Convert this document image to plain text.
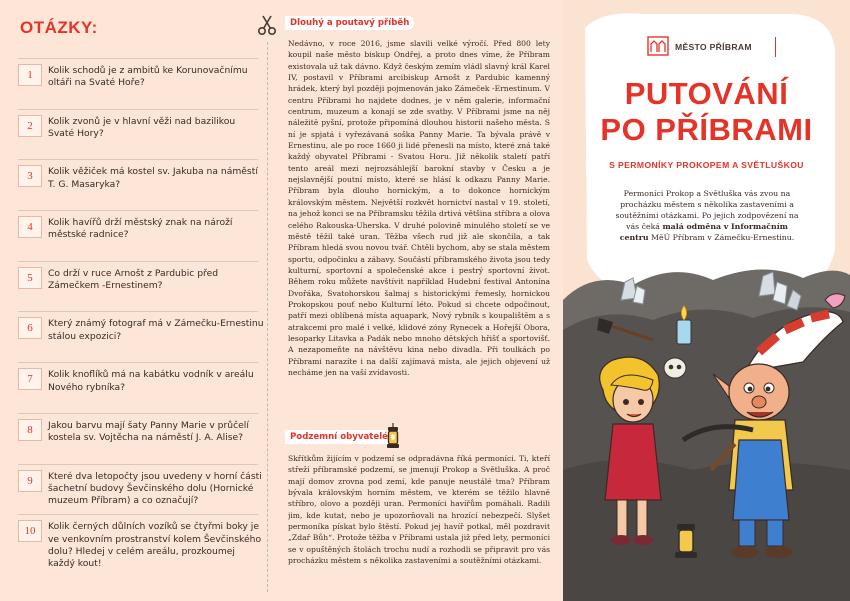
OTÁZKY:
1	Kolik schodů je z ambitů ke Korunovačnímu oltáři na Svaté Hoře?
2	Kolik zvonů je v hlavní věži nad bazilikou Svaté Hory?
3	Kolik věžiček má kostel sv. Jakuba na náměstí T. G. Masaryka?
4	Kolik havířů drží městský znak na nároží městské radnice?
5	Co drží v ruce Arnošt z Pardubic před Zámečkem -Ernestinem?
6	Který známý fotograf má v Zámečku-Ernestinu stálou expozici?
7	Kolik knoflíků má na kabátku vodník v areálu Nového rybníka?
8	Jakou barvu mají šaty Panny Marie v průčelí kostela sv. Vojtěcha na náměstí J. A. Alise?
9	Které dva letopočty jsou uvedeny v horní části šachetní budovy Ševčinského dolu (Hornické muzeum Příbram) a co označují?
10	Kolik černých důlních vozíků se čtyřmi boky je ve venkovním prostranství kolem Ševčinského dolu? Hledej v celém areálu, prozkoumej každý kout!
Dlouhý a poutavý příběh
Nedávno, v roce 2016, jsme slavili velké výročí. Před 800 lety koupil naše město biskup Ondřej, a proto dnes víme, že Příbram existovala už tak dávno. Když českým zemím vládl slavný král Karel IV, postavil v Příbrami arcibiskup Arnošt z Pardubic kamenný hrádek, který byl později pojmenován jako Zámeček -Ernestinum. V centru Příbrami ho najdete dodnes, je v něm galerie, informační centrum, muzeum a konají se zde svatby. V Příbrami jsme na něj náležitě pyšní, protože připomíná dlouhou historii našeho města. S ní je spjatá i vyřezávaná soška Panny Marie. Ta bývala právě v Ernestinu, ale po roce 1660 ji lidé přenesli na místo, které zná také každý obyvatel Příbrami - Svatou Horu. Již několik staletí patří tento areál mezi nejrozsáhlejší barokní stavby v Česku a je nejslavnější poutní místo, které se hlásí k odkazu Panny Marie. Příbram byla dlouho hornickým, a to dokonce hornickým královským městem. Největší rozkvět hornictví nastal v 19. století, na jehož konci se na Příbramsku těžila drtivá většina stříbra a olova celého Rakouska-Uherska. V druhé polovině minulého století se ve městě těžil také uran. Těžba všech rud již ale skončila, a tak Příbram hledá svou novou tvář. Chtěli bychom, aby se stala městem sportu, odpočinku a zábavy. Součástí příbramského života jsou tedy kulturní, sportovní a společenské akce i pestrý sportovní život. Během roku můžete navštívit například Hudební festival Antonína Dvořáka, Svatohorskou šalmaj s historickými řemesly, hornickou Prokopskou pouť nebo Kulturní léto. Pokud si chcete odpočinout, patří mezi oblíbená místa aquapark, Nový rybník s koupalištěm a s atrakcemi pro malé i velké, klidové zóny Rynecek a Hořejší Obora, lesoparky Litavka a Padák nebo mnoho dětských hřišť a sportovišť. A nezapomeňte na návštěvu kina nebo divadla. Při toulkách po Příbrami narazíte i na další zajímavá místa, ale jejich objevení už necháme jen na vaší zvídavosti.
Podzemní obyvatelé
Skřítkům žijícím v podzemí se odpradávna říká permoníci. Ti, kteří střeží příbramské podzemí, se jmenují Prokop a Světluška. A proč mají domov zrovna pod zemí, kde panuje neustálé tma? Příbram bývala královským horním městem, ve kterém se těžilo hlavně stříbro, olovo a později uran. Permoníci havířům pomáhali. Radili jim, kde kutat, nebo je upozorňovali na hrozící nebezpečí. Slyšet permoníka pískat bylo štěstí. Pokud jej havíř potkal, měl pozdravit „Zdař Bůh“. Protože těžba v Příbrami ustala již před lety, permoníci se v opuštěných štolách trochu nudí a rozhodli se připravit pro vás procházku městem s několika zastaveními a soutěžními otázkami.
MĚSTO PŘÍBRAM
PUTOVÁNÍ
PO PŘÍBRAMI
S PERMONÍKY PROKOPEM A SVĚTLUŠKOU
Permoníci Prokop a Světluška vás zvou na procházku městem s několika zastaveními a soutěžními otázkami. Po jejich zodpovězení na vás čeká malá odměna v Informačním centru MěÚ Příbram v Zámečku-Ernestinu.
